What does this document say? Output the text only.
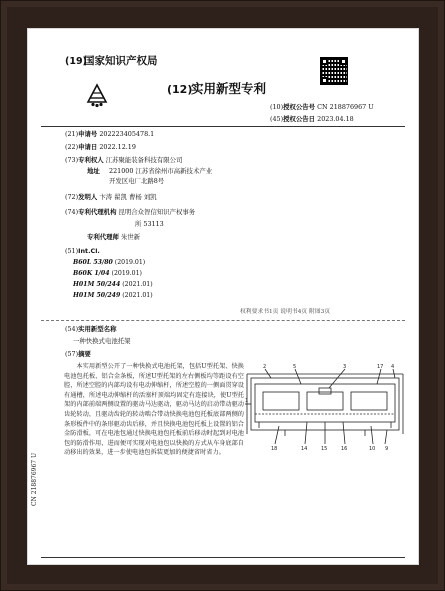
(19)
国家知识产权局
(12)
实用新型专利
(10)授权公告号 CN 218876967 U
(45)授权公告日 2023.04.18
(21)申请号 202223405478.1
(22)申请日 2022.12.19
(73)专利权人 江苏聚能装备科技有限公司
地址 221000 江苏省徐州市高新技术产业
开发区电厂北路8号
(72)发明人 卞涛 翟凯 曹杨 刘凯
(74)专利代理机构 昆明合众智信知识产权事务
所 53113
专利代理师 朱世新
(51)Int.Cl.
B60L 53/80 (2019.01)
B60K 1/04 (2019.01)
H01M 50/244 (2021.01)
H01M 50/249 (2021.01)
权利要求书1页 说明书4页 附图3页
(54)实用新型名称
一种快换式电池托架
(57)摘要
本实用新型公开了一种快换式电池托架，包括U型托架、快换电池包托板、铝合金条板，所述U型托架的左右侧板均等距设有空腔，所述空腔的内部均设有电动伸缩杆，所述空腔的一侧面贯穿设有通槽，所述电动伸缩杆的活塞杆顶端均固定有连接块，使U型托架的内部前端两侧设置的驱动马达驱动，驱动马达的启动带动驱动齿轮转动，且驱动齿轮的转动啮合带动快换电池包托板底部两侧的条形板件中的条形驱动齿后移，并且快换电池包托板上设置的铝合金防滑板，可在电池包通过快换电池包托板前后移动时起到对电池包的防滑作用，进而便可实现对电池包以快换的方式从车身底部自动移出的效果，进一步使电池包拆装更加的便捷省时省力。
2	5	3	17 4
1
18	14	15	16	10 9
CN 218876967 U
